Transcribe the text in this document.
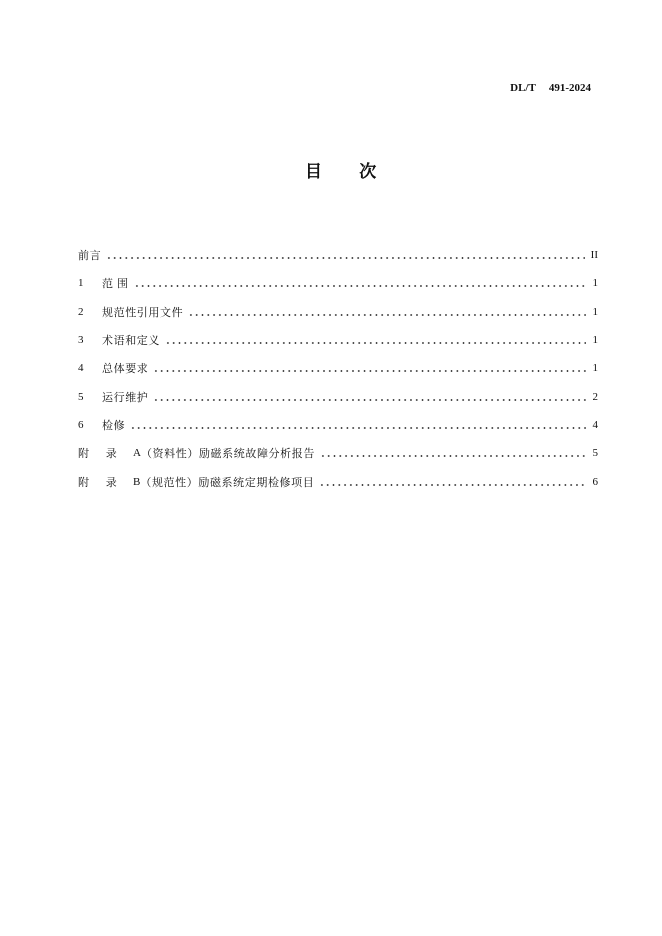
DL/T 491-2024
目 次
前言	II
1	范 围	1
2	规范性引用文件	1
3	术语和定义	1
4	总体要求	1
5	运行维护	2
6	检修	4
附 录	A （资料性）励磁系统故障分析报告	5
附 录	B （规范性）励磁系统定期检修项目	6
